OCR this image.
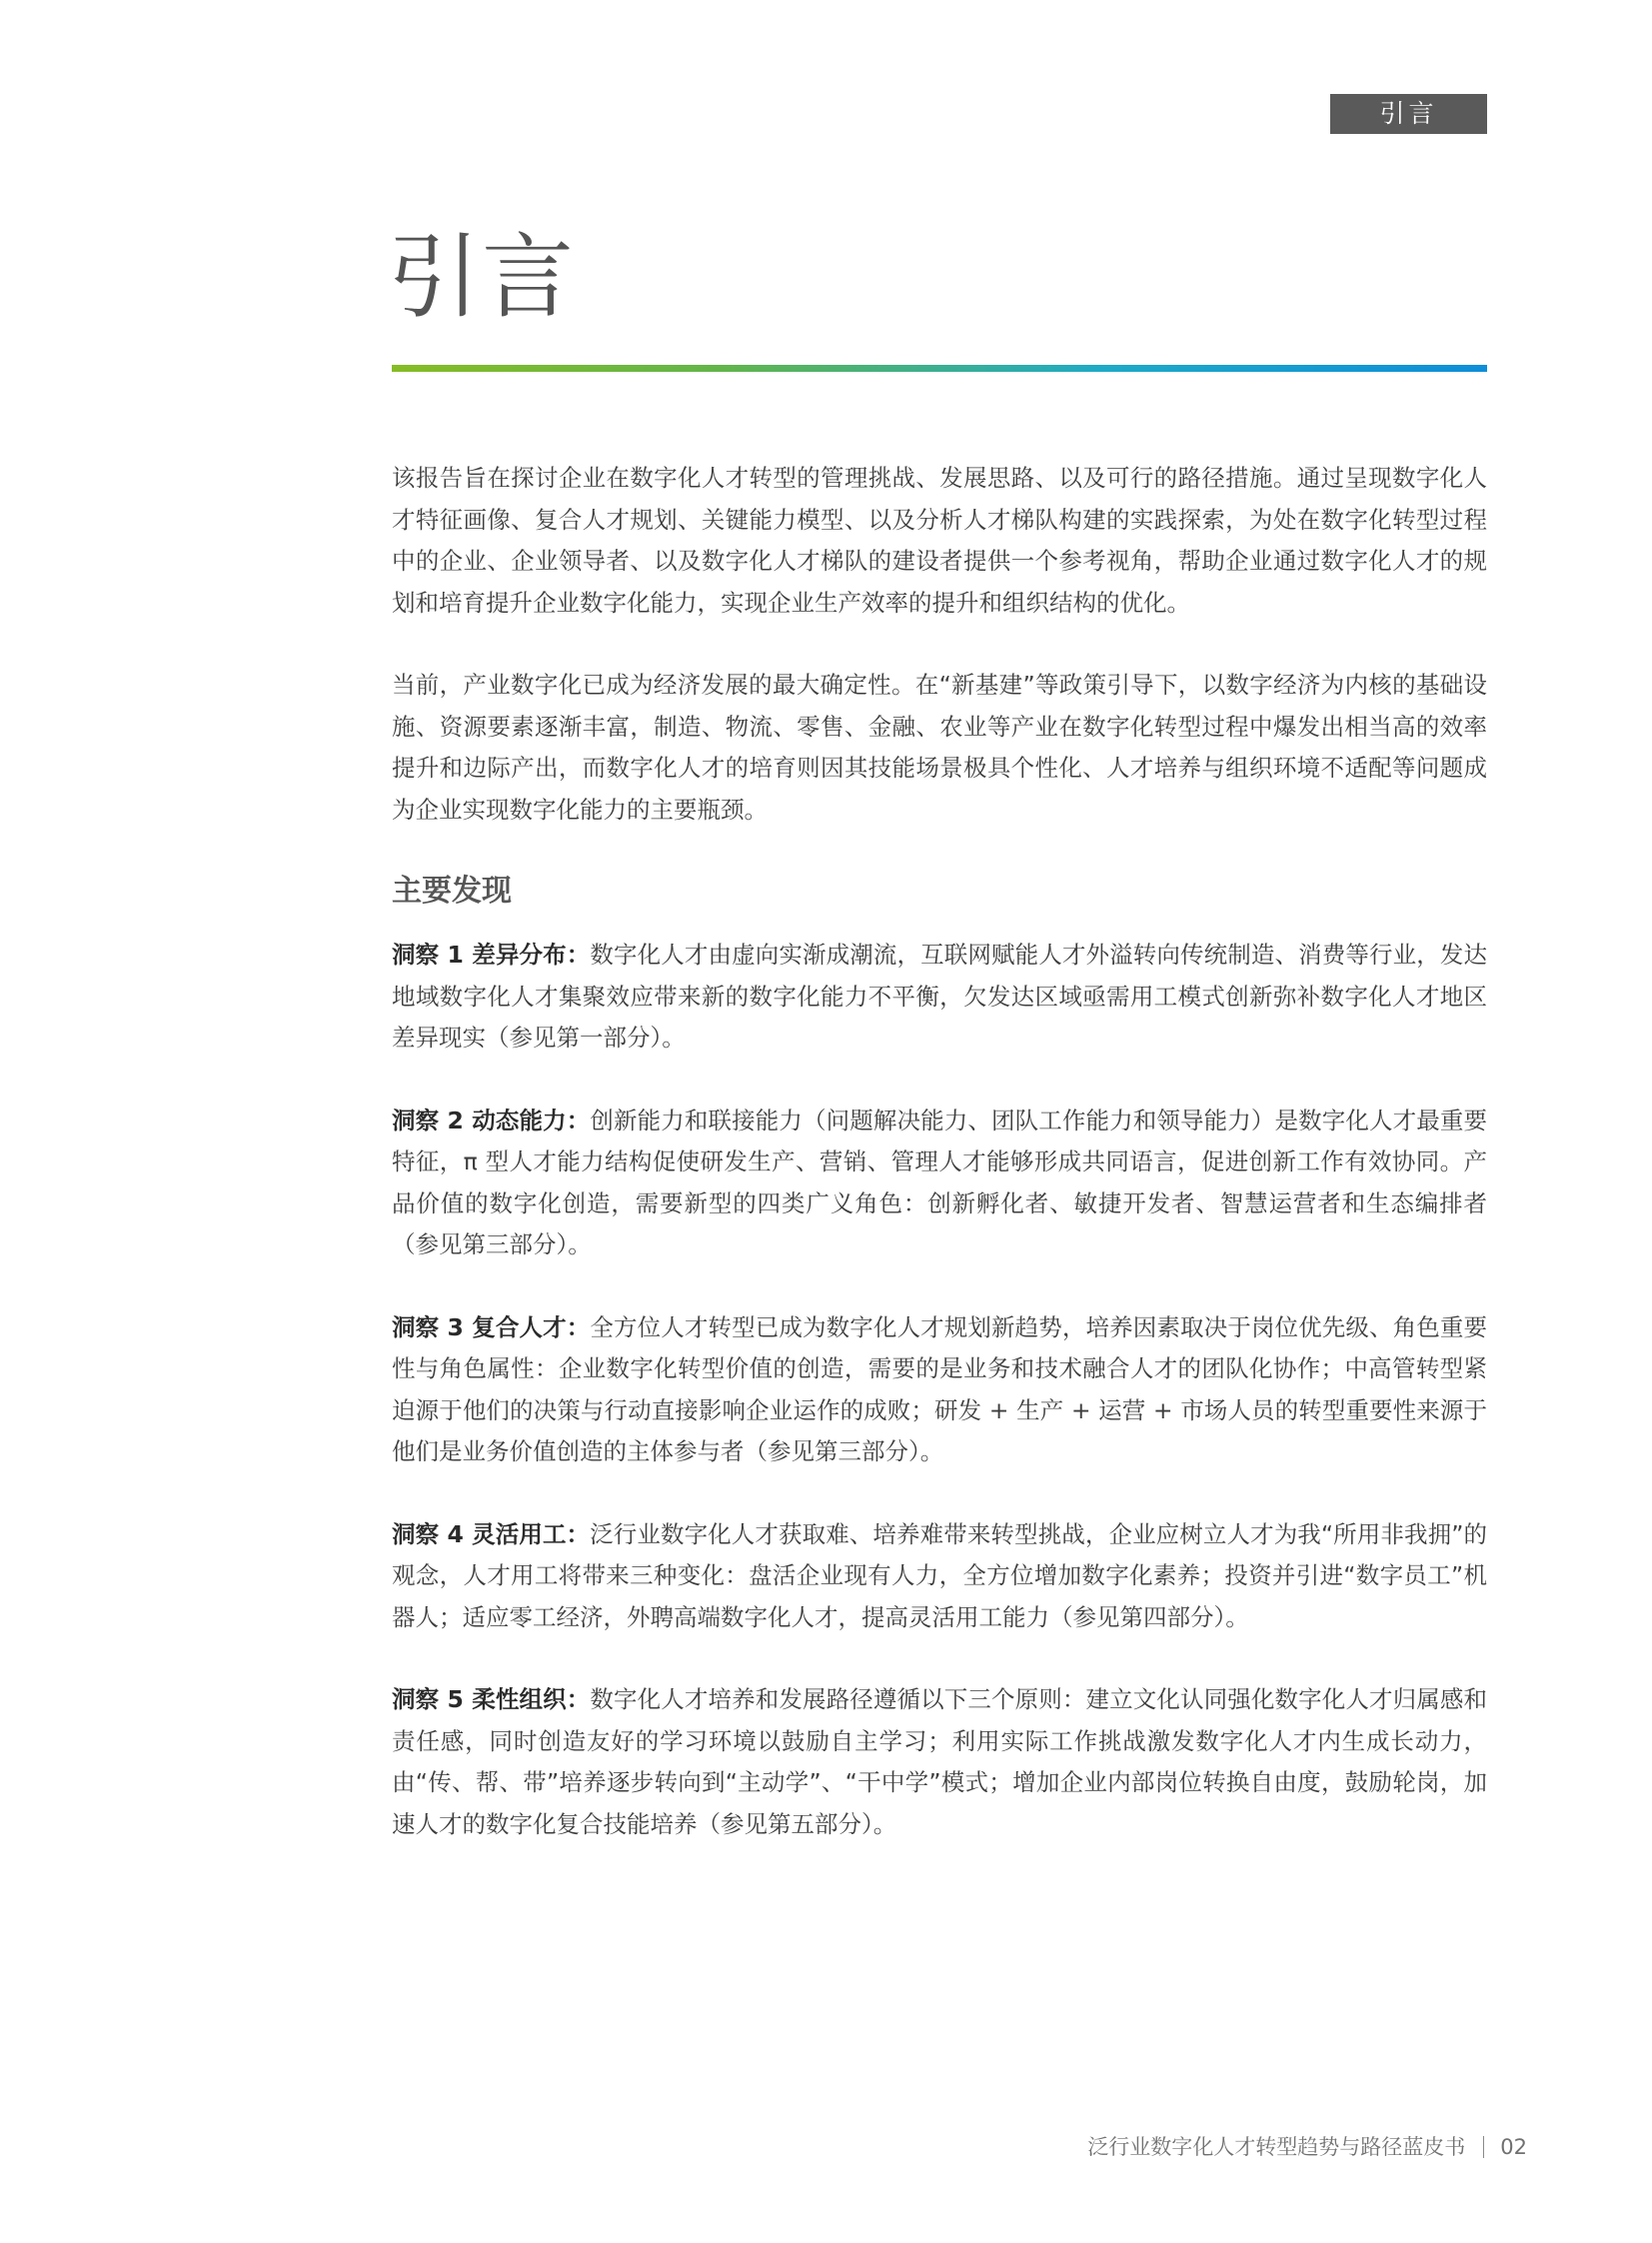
引言
引言

该报告旨在探讨企业在数字化人才转型的管理挑战、发展思路、以及可行的路径措施。通过呈现数字化人才特征画像、复合人才规划、关键能力模型、以及分析人才梯队构建的实践探索，为处在数字化转型过程中的企业、企业领导者、以及数字化人才梯队的建设者提供一个参考视角，帮助企业通过数字化人才的规划和培育提升企业数字化能力，实现企业生产效率的提升和组织结构的优化。

当前，产业数字化已成为经济发展的最大确定性。在“新基建”等政策引导下，以数字经济为内核的基础设施、资源要素逐渐丰富，制造、物流、零售、金融、农业等产业在数字化转型过程中爆发出相当高的效率提升和边际产出，而数字化人才的培育则因其技能场景极具个性化、人才培养与组织环境不适配等问题成为企业实现数字化能力的主要瓶颈。

主要发现

洞察 1 差异分布：数字化人才由虚向实渐成潮流，互联网赋能人才外溢转向传统制造、消费等行业，发达地域数字化人才集聚效应带来新的数字化能力不平衡，欠发达区域亟需用工模式创新弥补数字化人才地区差异现实（参见第一部分）。

洞察 2 动态能力：创新能力和联接能力（问题解决能力、团队工作能力和领导能力）是数字化人才最重要特征，π 型人才能力结构促使研发生产、营销、管理人才能够形成共同语言，促进创新工作有效协同。产品价值的数字化创造，需要新型的四类广义角色：创新孵化者、敏捷开发者、智慧运营者和生态编排者（参见第三部分）。

洞察 3 复合人才：全方位人才转型已成为数字化人才规划新趋势，培养因素取决于岗位优先级、角色重要性与角色属性：企业数字化转型价值的创造，需要的是业务和技术融合人才的团队化协作；中高管转型紧迫源于他们的决策与行动直接影响企业运作的成败；研发 + 生产 + 运营 + 市场人员的转型重要性来源于他们是业务价值创造的主体参与者（参见第三部分）。

洞察 4 灵活用工：泛行业数字化人才获取难、培养难带来转型挑战，企业应树立人才为我“所用非我拥”的观念，人才用工将带来三种变化：盘活企业现有人力，全方位增加数字化素养；投资并引进“数字员工”机器人；适应零工经济，外聘高端数字化人才，提高灵活用工能力（参见第四部分）。

洞察 5 柔性组织：数字化人才培养和发展路径遵循以下三个原则：建立文化认同强化数字化人才归属感和责任感，同时创造友好的学习环境以鼓励自主学习；利用实际工作挑战激发数字化人才内生成长动力，由“传、帮、带”培养逐步转向到“主动学”、“干中学”模式；增加企业内部岗位转换自由度，鼓励轮岗，加速人才的数字化复合技能培养（参见第五部分）。

泛行业数字化人才转型趋势与路径蓝皮书 02
